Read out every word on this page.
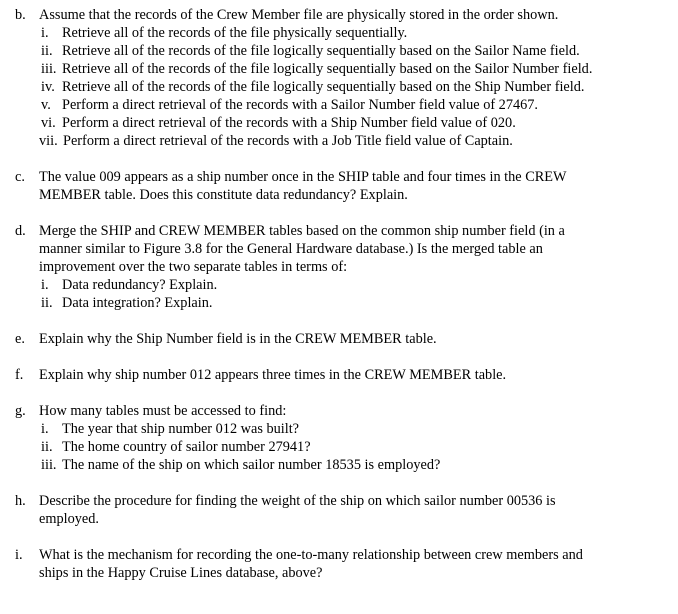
b. Assume that the records of the Crew Member file are physically stored in the order shown.
i. Retrieve all of the records of the file physically sequentially.
ii. Retrieve all of the records of the file logically sequentially based on the Sailor Name field.
iii. Retrieve all of the records of the file logically sequentially based on the Sailor Number field.
iv. Retrieve all of the records of the file logically sequentially based on the Ship Number field.
v. Perform a direct retrieval of the records with a Sailor Number field value of 27467.
vi. Perform a direct retrieval of the records with a Ship Number field value of 020.
vii. Perform a direct retrieval of the records with a Job Title field value of Captain.
c. The value 009 appears as a ship number once in the SHIP table and four times in the CREW
MEMBER table. Does this constitute data redundancy? Explain.
d. Merge the SHIP and CREW MEMBER tables based on the common ship number field (in a
manner similar to Figure 3.8 for the General Hardware database.) Is the merged table an
improvement over the two separate tables in terms of:
i. Data redundancy? Explain.
ii. Data integration? Explain.
e. Explain why the Ship Number field is in the CREW MEMBER table.
f. Explain why ship number 012 appears three times in the CREW MEMBER table.
g. How many tables must be accessed to find:
i. The year that ship number 012 was built?
ii. The home country of sailor number 27941?
iii. The name of the ship on which sailor number 18535 is employed?
h. Describe the procedure for finding the weight of the ship on which sailor number 00536 is
employed.
i. What is the mechanism for recording the one-to-many relationship between crew members and
ships in the Happy Cruise Lines database, above?
